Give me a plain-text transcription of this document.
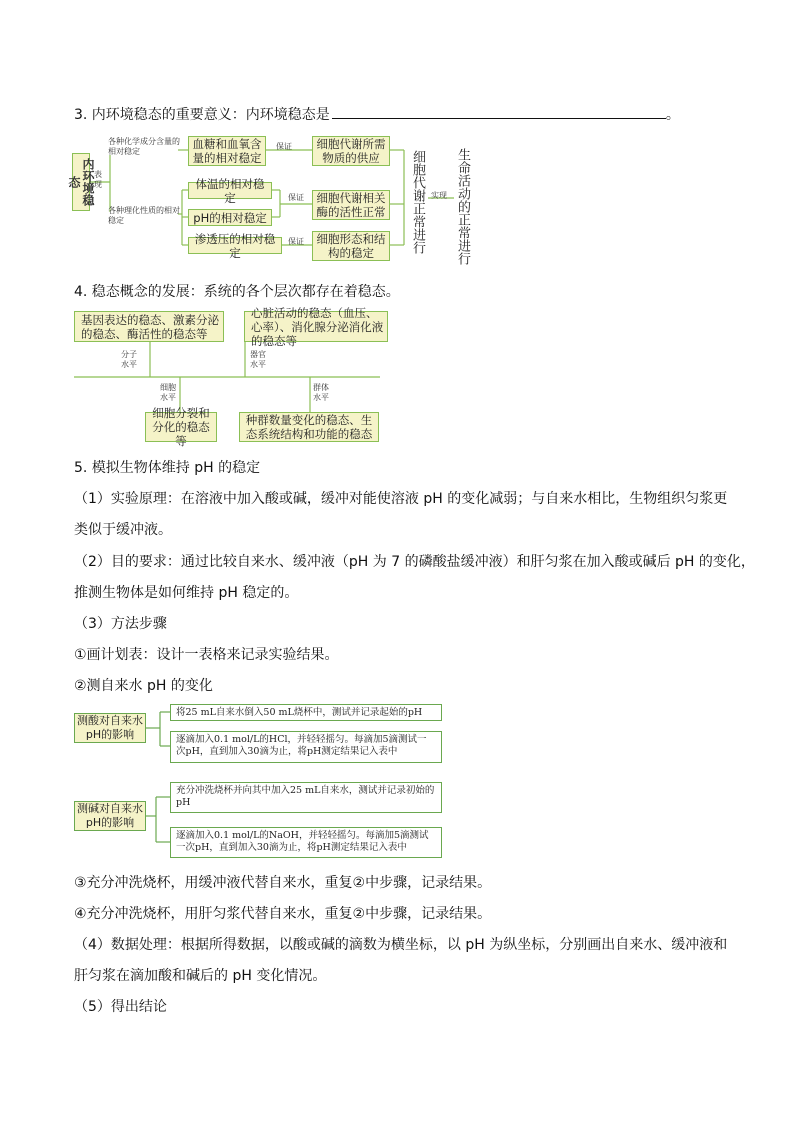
3. 内环境稳态的重要意义：内环境稳态是	。
内环境稳态
表现
各种化学成分含量的相对稳定
各种理化性质的相对稳定
血糖和血氧含量的相对稳定
体温的相对稳定
pH的相对稳定
渗透压的相对稳定
保证
保证
保证
细胞代谢所需物质的供应
细胞代谢相关酶的活性正常
细胞形态和结构的稳定	细胞代谢正常进行 实现 生命活动的正常进行
4. 稳态概念的发展：系统的各个层次都存在着稳态。
基因表达的稳态、激素分泌的稳态、酶活性的稳态等
心脏活动的稳态（血压、心率）、消化腺分泌消化液的稳态等
细胞分裂和分化的稳态等
种群数量变化的稳态、生态系统结构和功能的稳态
分子水平
器官水平
细胞水平
群体水平
5. 模拟生物体维持 pH 的稳定
（1）实验原理：在溶液中加入酸或碱，缓冲对能使溶液 pH 的变化减弱；与自来水相比，生物组织匀浆更
类似于缓冲液。
（2）目的要求：通过比较自来水、缓冲液（pH 为 7 的磷酸盐缓冲液）和肝匀浆在加入酸或碱后 pH 的变化，
推测生物体是如何维持 pH 稳定的。
（3）方法步骤
①画计划表：设计一表格来记录实验结果。
②测自来水 pH 的变化
测酸对自来水pH的影响
将25 mL自来水倒入50 mL烧杯中，测试并记录起始的pH
逐滴加入0.1 mol/L的HCl，并轻轻摇匀。每滴加5滴测试一次pH，直到加入30滴为止，将pH测定结果记入表中
测碱对自来水pH的影响
充分冲洗烧杯并向其中加入25 mL自来水，测试并记录初始的pH
逐滴加入0.1 mol/L的NaOH，并轻轻摇匀。每滴加5滴测试一次pH，直到加入30滴为止，将pH测定结果记入表中
③充分冲洗烧杯，用缓冲液代替自来水，重复②中步骤，记录结果。
④充分冲洗烧杯，用肝匀浆代替自来水，重复②中步骤，记录结果。
（4）数据处理：根据所得数据，以酸或碱的滴数为横坐标，以 pH 为纵坐标，分别画出自来水、缓冲液和
肝匀浆在滴加酸和碱后的 pH 变化情况。
（5）得出结论
